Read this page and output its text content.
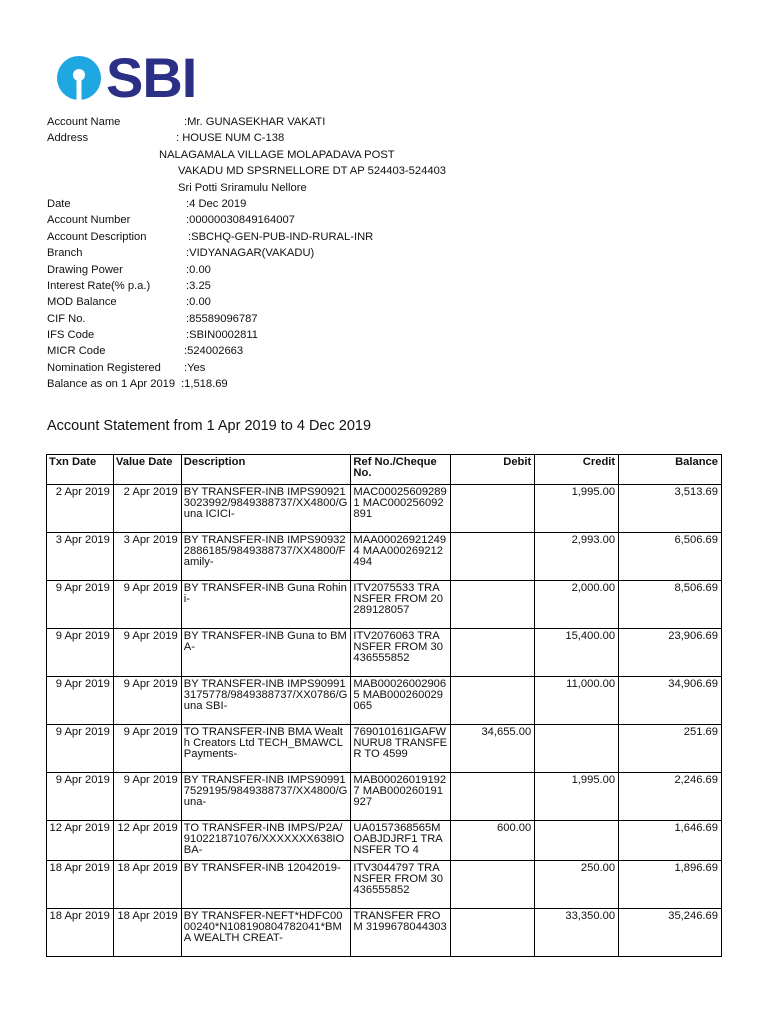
SBI
Account Name	:Mr. GUNASEKHAR VAKATI
Address	: HOUSE NUM C-138
NALAGAMALA VILLAGE MOLAPADAVA POST
VAKADU MD SPSRNELLORE DT AP 524403-524403
Sri Potti Sriramulu Nellore
Date	:4 Dec 2019
Account Number	:00000030849164007
Account Description	:SBCHQ-GEN-PUB-IND-RURAL-INR
Branch	:VIDYANAGAR(VAKADU)
Drawing Power	:0.00
Interest Rate(% p.a.)	:3.25
MOD Balance	:0.00
CIF No.	:85589096787
IFS Code	:SBIN0002811
MICR Code	:524002663
Nomination Registered :Yes
Balance as on 1 Apr 2019 :1,518.69
Account Statement from 1 Apr 2019 to 4 Dec 2019
Txn Date	Value Date	Description	Ref No./Cheque No.	Debit	Credit	Balance
2 Apr 2019	2 Apr 2019	BY TRANSFER-INB IMPS909213023992/9849388737/XX4800/Guna ICICI-	MAC000256092891 MAC000256092891		1,995.00	3,513.69
3 Apr 2019	3 Apr 2019	BY TRANSFER-INB IMPS909322886185/9849388737/XX4800/Family-	MAA000269212494 MAA000269212494		2,993.00	6,506.69
9 Apr 2019	9 Apr 2019	BY TRANSFER-INB Guna Rohini-	ITV2075533 TRANSFER FROM 20289128057		2,000.00	8,506.69
9 Apr 2019	9 Apr 2019	BY TRANSFER-INB Guna to BMA-	ITV2076063 TRANSFER FROM 30436555852		15,400.00	23,906.69
9 Apr 2019	9 Apr 2019	BY TRANSFER-INB IMPS909913175778/9849388737/XX0786/Guna SBI-	MAB000260029065 MAB000260029065		11,000.00	34,906.69
9 Apr 2019	9 Apr 2019	TO TRANSFER-INB BMA Wealth Creators Ltd TECH_BMAWCL Payments-	769010161IGAFWNURU8 TRANSFER TO 4599	34,655.00		251.69
9 Apr 2019	9 Apr 2019	BY TRANSFER-INB IMPS909917529195/9849388737/XX4800/Guna-	MAB000260191927 MAB000260191927		1,995.00	2,246.69
12 Apr 2019	12 Apr 2019	TO TRANSFER-INB IMPS/P2A/910221871076/XXXXXXX638IOBA-	UA0157368565MOABJDJRF1 TRANSFER TO 4	600.00		1,646.69
18 Apr 2019	18 Apr 2019	BY TRANSFER-INB 12042019-	ITV3044797 TRANSFER FROM 30436555852		250.00	1,896.69
18 Apr 2019	18 Apr 2019	BY TRANSFER-NEFT*HDFC0000240*N108190804782041*BMA WEALTH CREAT-	TRANSFER FROM 3199678044303		33,350.00	35,246.69
